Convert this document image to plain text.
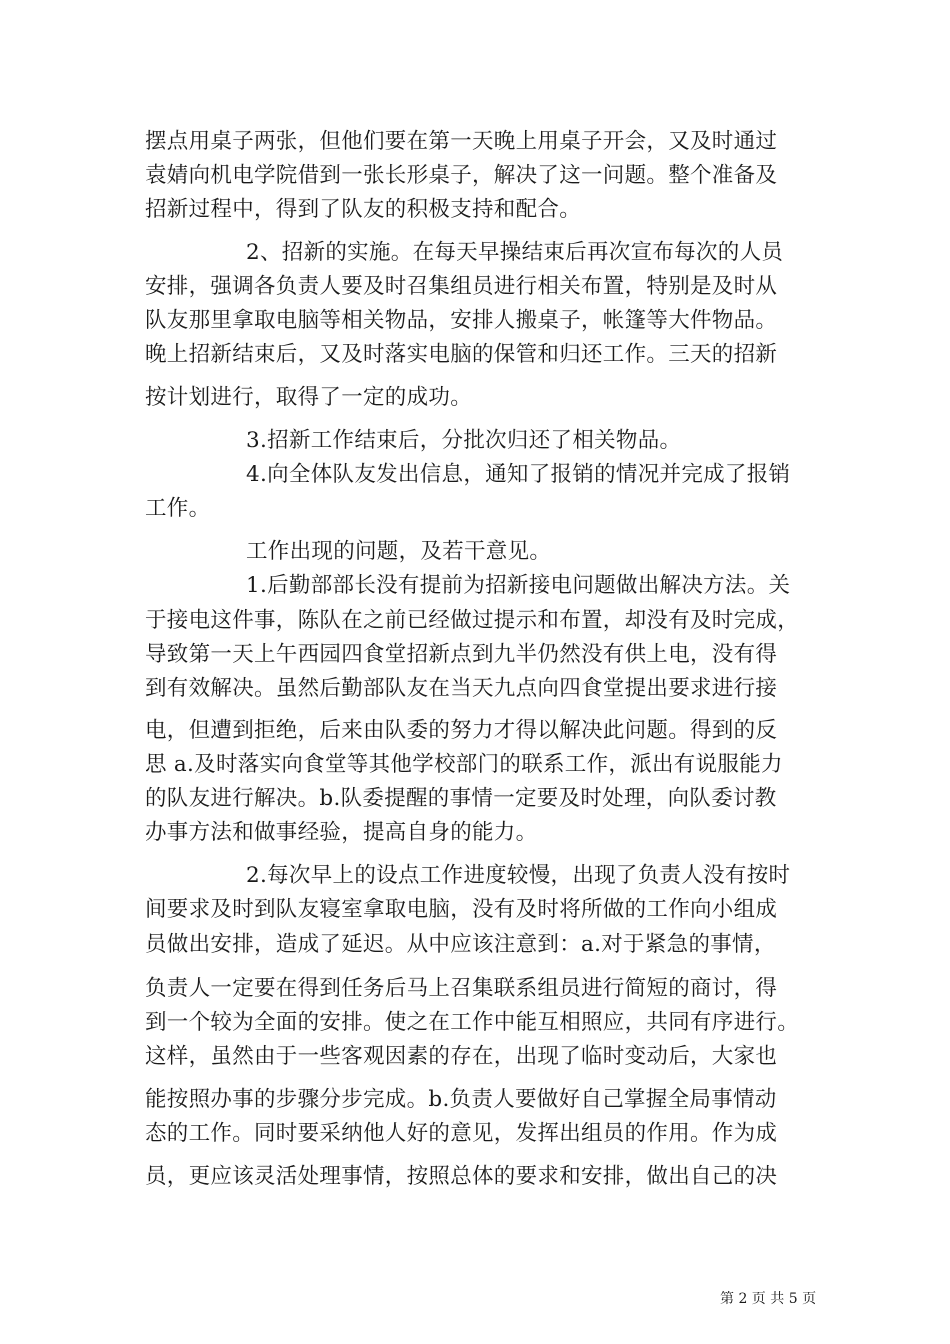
摆点用桌子两张，但他们要在第一天晚上用桌子开会，又及时通过
袁婧向机电学院借到一张长形桌子，解决了这一问题。整个准备及
招新过程中，得到了队友的积极支持和配合。
2、招新的实施。在每天早操结束后再次宣布每次的人员
安排，强调各负责人要及时召集组员进行相关布置，特别是及时从
队友那里拿取电脑等相关物品，安排人搬桌子，帐篷等大件物品。
晚上招新结束后，又及时落实电脑的保管和归还工作。三天的招新
按计划进行，取得了一定的成功。
3.招新工作结束后，分批次归还了相关物品。
4.向全体队友发出信息，通知了报销的情况并完成了报销
工作。
工作出现的问题，及若干意见。
1.后勤部部长没有提前为招新接电问题做出解决方法。关
于接电这件事，陈队在之前已经做过提示和布置，却没有及时完成，
导致第一天上午西园四食堂招新点到九半仍然没有供上电，没有得
到有效解决。虽然后勤部队友在当天九点向四食堂提出要求进行接
电，但遭到拒绝，后来由队委的努力才得以解决此问题。得到的反
思 a.及时落实向食堂等其他学校部门的联系工作，派出有说服能力
的队友进行解决。b.队委提醒的事情一定要及时处理，向队委讨教
办事方法和做事经验，提高自身的能力。
2.每次早上的设点工作进度较慢，出现了负责人没有按时
间要求及时到队友寝室拿取电脑，没有及时将所做的工作向小组成
员做出安排，造成了延迟。从中应该注意到：a.对于紧急的事情，
负责人一定要在得到任务后马上召集联系组员进行简短的商讨，得
到一个较为全面的安排。使之在工作中能互相照应，共同有序进行。
这样，虽然由于一些客观因素的存在，出现了临时变动后，大家也
能按照办事的步骤分步完成。b.负责人要做好自己掌握全局事情动
态的工作。同时要采纳他人好的意见，发挥出组员的作用。作为成
员，更应该灵活处理事情，按照总体的要求和安排，做出自己的决
第 2 页 共 5 页
